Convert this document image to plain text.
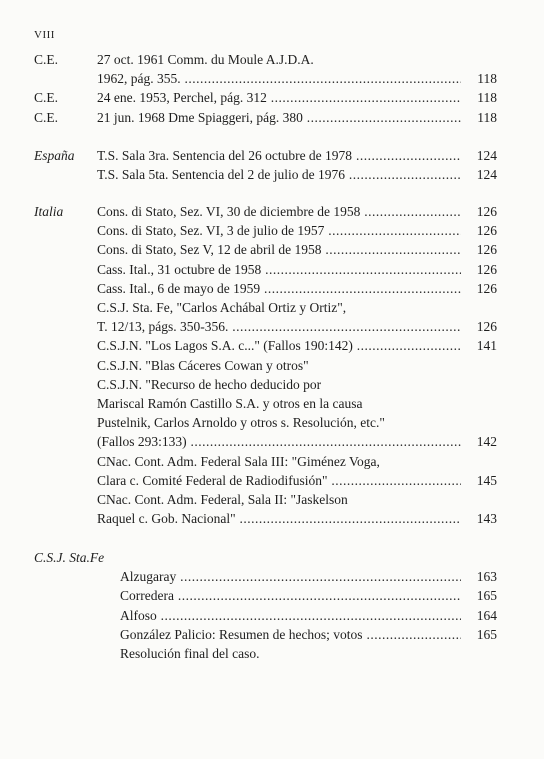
VIII
C.E.	27 oct. 1961 Comm. du Moule A.J.D.A.
1962, pág. 355. .....	118
C.E.	24 ene. 1953, Perchel, pág. 312 .....	118
C.E.	21 jun. 1968 Dme Spiaggeri, pág. 380 .....	118
España T.S. Sala 3ra. Sentencia del 26 octubre de 1978 .....	124
T.S. Sala 5ta. Sentencia del 2 de julio de 1976 .....	124
Italia	Cons. di Stato, Sez. VI, 30 de diciembre de 1958 .....	126
Cons. di Stato, Sez. VI, 3 de julio de 1957 .....	126
Cons. di Stato, Sez V, 12 de abril de 1958 .....	126
Cass. Ital., 31 octubre de 1958 .....	126
Cass. Ital., 6 de mayo de 1959 .....	126
C.S.J. Sta. Fe, "Carlos Achábal Ortiz y Ortiz",
T. 12/13, págs. 350-356. .....	126
C.S.J.N. "Los Lagos S.A. c..." (Fallos 190:142) .....	141
C.S.J.N. "Blas Cáceres Cowan y otros"
C.S.J.N. "Recurso de hecho deducido por
Mariscal Ramón Castillo S.A. y otros en la causa
Pustelnik, Carlos Arnoldo y otros s. Resolución, etc."
(Fallos 293:133) .....	142
CNac. Cont. Adm. Federal Sala III: "Giménez Voga,
Clara c. Comité Federal de Radiodifusión" .....	145
CNac. Cont. Adm. Federal, Sala II: "Jaskelson
Raquel c. Gob. Nacional" .....	143
C.S.J. Sta.Fe
Alzugaray .....	163
Corredera .....	165
Alfoso .....	164
González Palicio: Resumen de hechos; votos .....	165
Resolución final del caso.
